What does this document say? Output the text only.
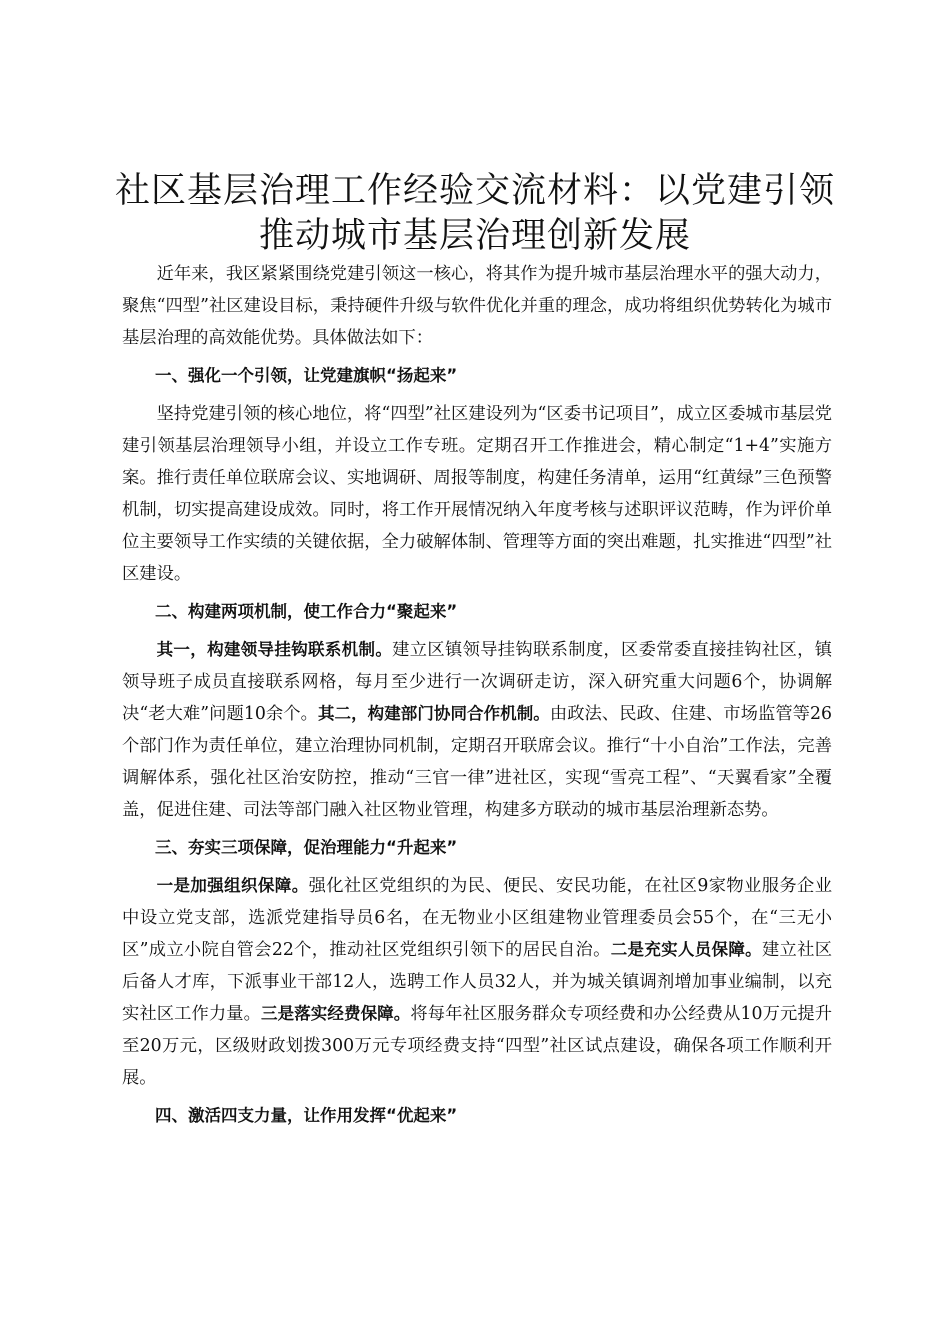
社区基层治理工作经验交流材料：以党建引领
推动城市基层治理创新发展

近年来，我区紧紧围绕党建引领这一核心，将其作为提升城市基层治理水平的强大动力，聚焦“四型”社区建设目标，秉持硬件升级与软件优化并重的理念，成功将组织优势转化为城市基层治理的高效能优势。具体做法如下：

一、强化一个引领，让党建旗帜“扬起来”

坚持党建引领的核心地位，将“四型”社区建设列为“区委书记项目”，成立区委城市基层党建引领基层治理领导小组，并设立工作专班。定期召开工作推进会，精心制定“1+4”实施方案。推行责任单位联席会议、实地调研、周报等制度，构建任务清单，运用“红黄绿”三色预警机制，切实提高建设成效。同时，将工作开展情况纳入年度考核与述职评议范畴，作为评价单位主要领导工作实绩的关键依据，全力破解体制、管理等方面的突出难题，扎实推进“四型”社区建设。

二、构建两项机制，使工作合力“聚起来”

其一，构建领导挂钩联系机制。建立区镇领导挂钩联系制度，区委常委直接挂钩社区，镇领导班子成员直接联系网格，每月至少进行一次调研走访，深入研究重大问题6个，协调解决“老大难”问题10余个。其二，构建部门协同合作机制。由政法、民政、住建、市场监管等26个部门作为责任单位，建立治理协同机制，定期召开联席会议。推行“十小自治”工作法，完善调解体系，强化社区治安防控，推动“三官一律”进社区，实现“雪亮工程”、“天翼看家”全覆盖，促进住建、司法等部门融入社区物业管理，构建多方联动的城市基层治理新态势。

三、夯实三项保障，促治理能力“升起来”

一是加强组织保障。强化社区党组织的为民、便民、安民功能，在社区9家物业服务企业中设立党支部，选派党建指导员6名，在无物业小区组建物业管理委员会55个，在“三无小区”成立小院自管会22个，推动社区党组织引领下的居民自治。二是充实人员保障。建立社区后备人才库，下派事业干部12人，选聘工作人员32人，并为城关镇调剂增加事业编制，以充实社区工作力量。三是落实经费保障。将每年社区服务群众专项经费和办公经费从10万元提升至20万元，区级财政划拨300万元专项经费支持“四型”社区试点建设，确保各项工作顺利开展。

四、激活四支力量，让作用发挥“优起来”
